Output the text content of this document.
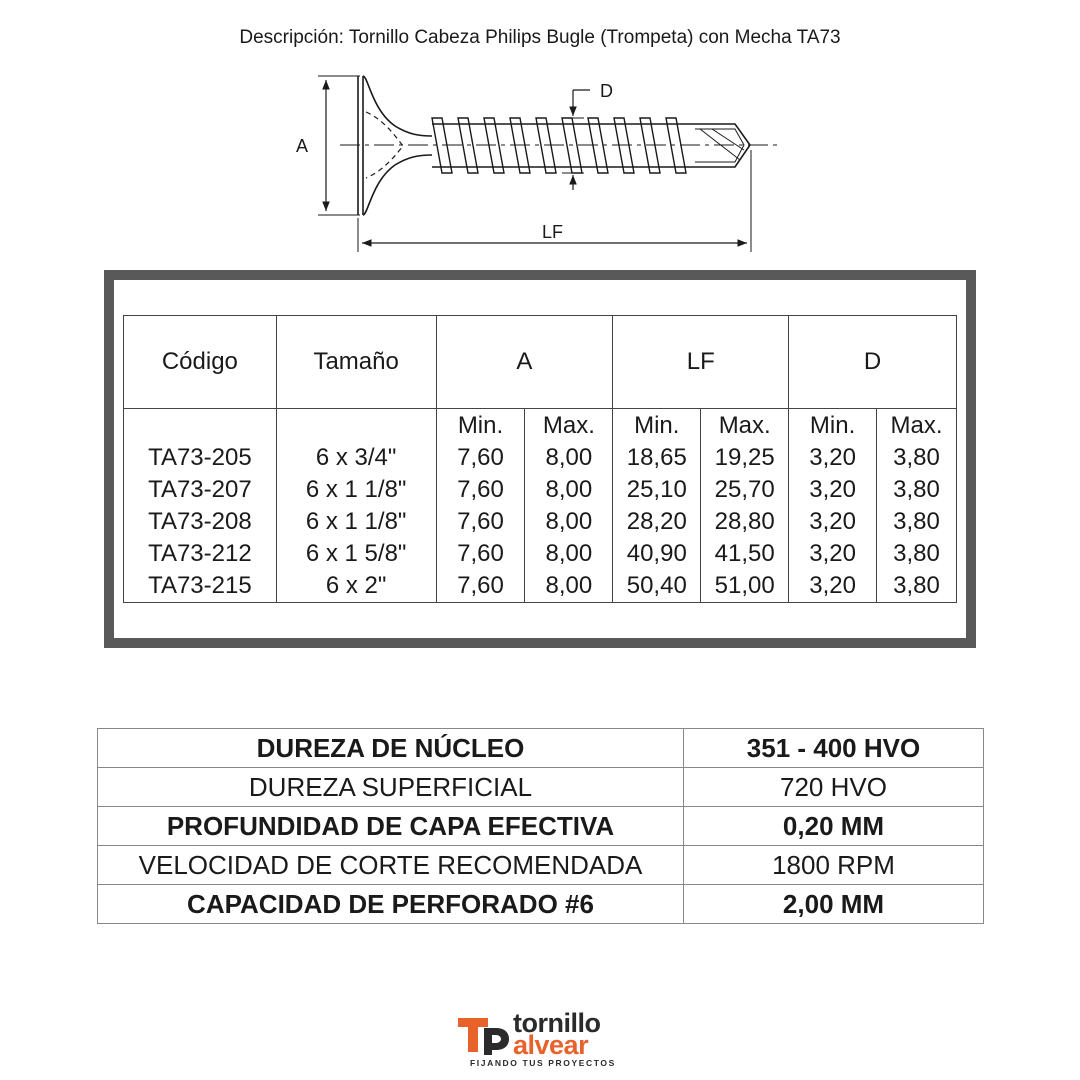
Descripción: Tornillo Cabeza Philips Bugle (Trompeta) con Mecha TA73
A
D
LF
Código	Tamaño	A		LF		D	
		Min.	Max.	Min.	Max.	Min.	Max.
TA73-205	6 x 3/4"	7,60	8,00	18,65	19,25	3,20	3,80
TA73-207	6 x 1 1/8"	7,60	8,00	25,10	25,70	3,20	3,80
TA73-208	6 x 1 1/8"	7,60	8,00	28,20	28,80	3,20	3,80
TA73-212	6 x 1 5/8"	7,60	8,00	40,90	41,50	3,20	3,80
TA73-215	6 x 2"	7,60	8,00	50,40	51,00	3,20	3,80
DUREZA DE NÚCLEO	351 - 400 HVO
DUREZA SUPERFICIAL	720 HVO
PROFUNDIDAD DE CAPA EFECTIVA	0,20 MM
VELOCIDAD DE CORTE RECOMENDADA	1800 RPM
CAPACIDAD DE PERFORADO #6	2,00 MM
tornillo
alvear
FIJANDO TUS PROYECTOS
